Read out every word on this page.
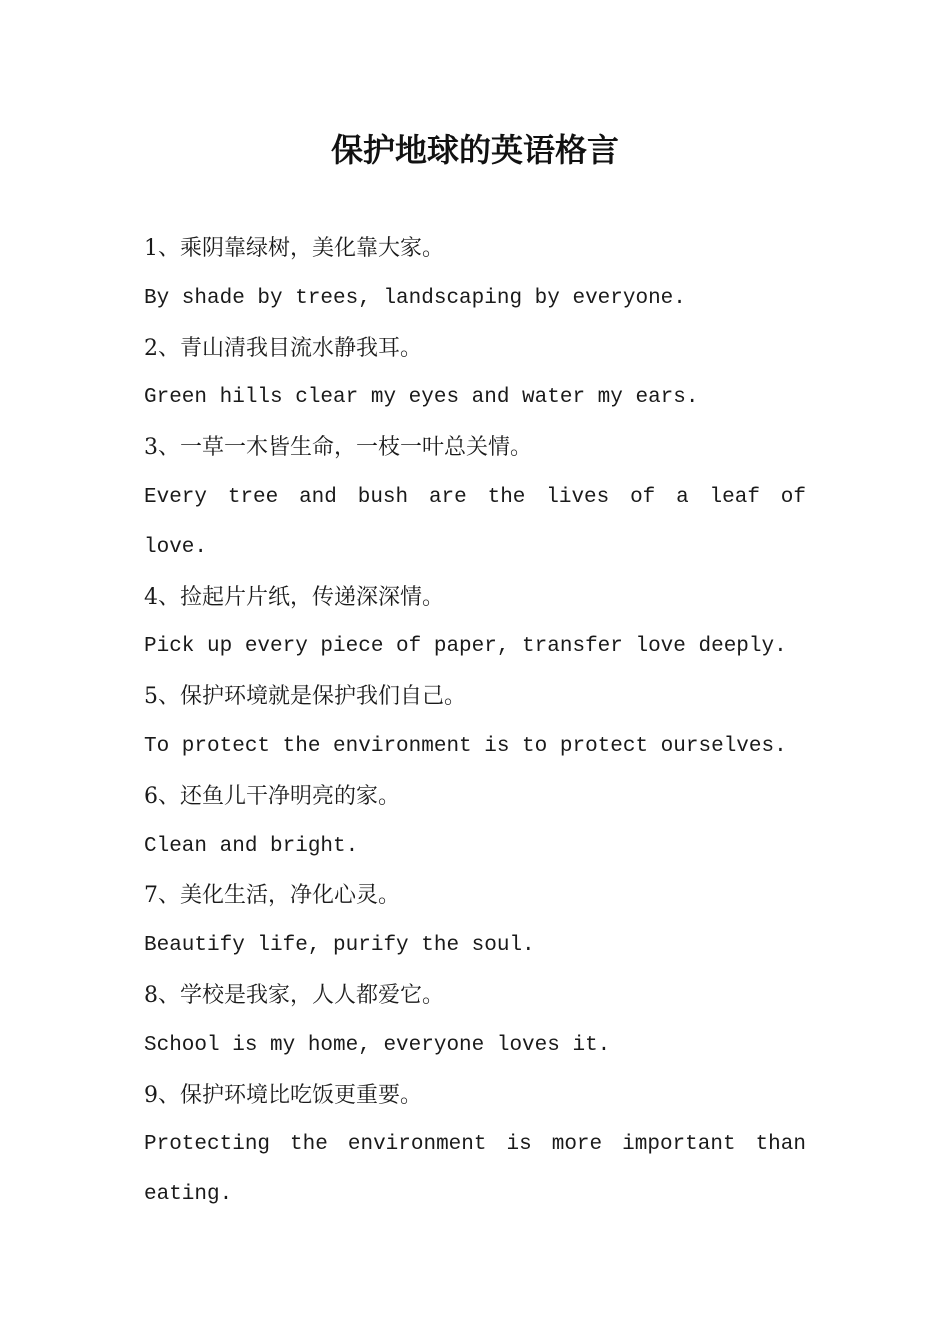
保护地球的英语格言

1、乘阴靠绿树，美化靠大家。

By shade by trees, landscaping by everyone.

2、青山清我目流水静我耳。

Green hills clear my eyes and water my ears.

3、一草一木皆生命，一枝一叶总关情。

Every tree and bush are the lives of a leaf of

love.

4、捡起片片纸，传递深深情。

Pick up every piece of paper, transfer love deeply.

5、保护环境就是保护我们自己。

To protect the environment is to protect ourselves.

6、还鱼儿干净明亮的家。

Clean and bright.

7、美化生活，净化心灵。

Beautify life, purify the soul.

8、学校是我家，人人都爱它。

School is my home, everyone loves it.

9、保护环境比吃饭更重要。

Protecting the environment is more important than

eating.
